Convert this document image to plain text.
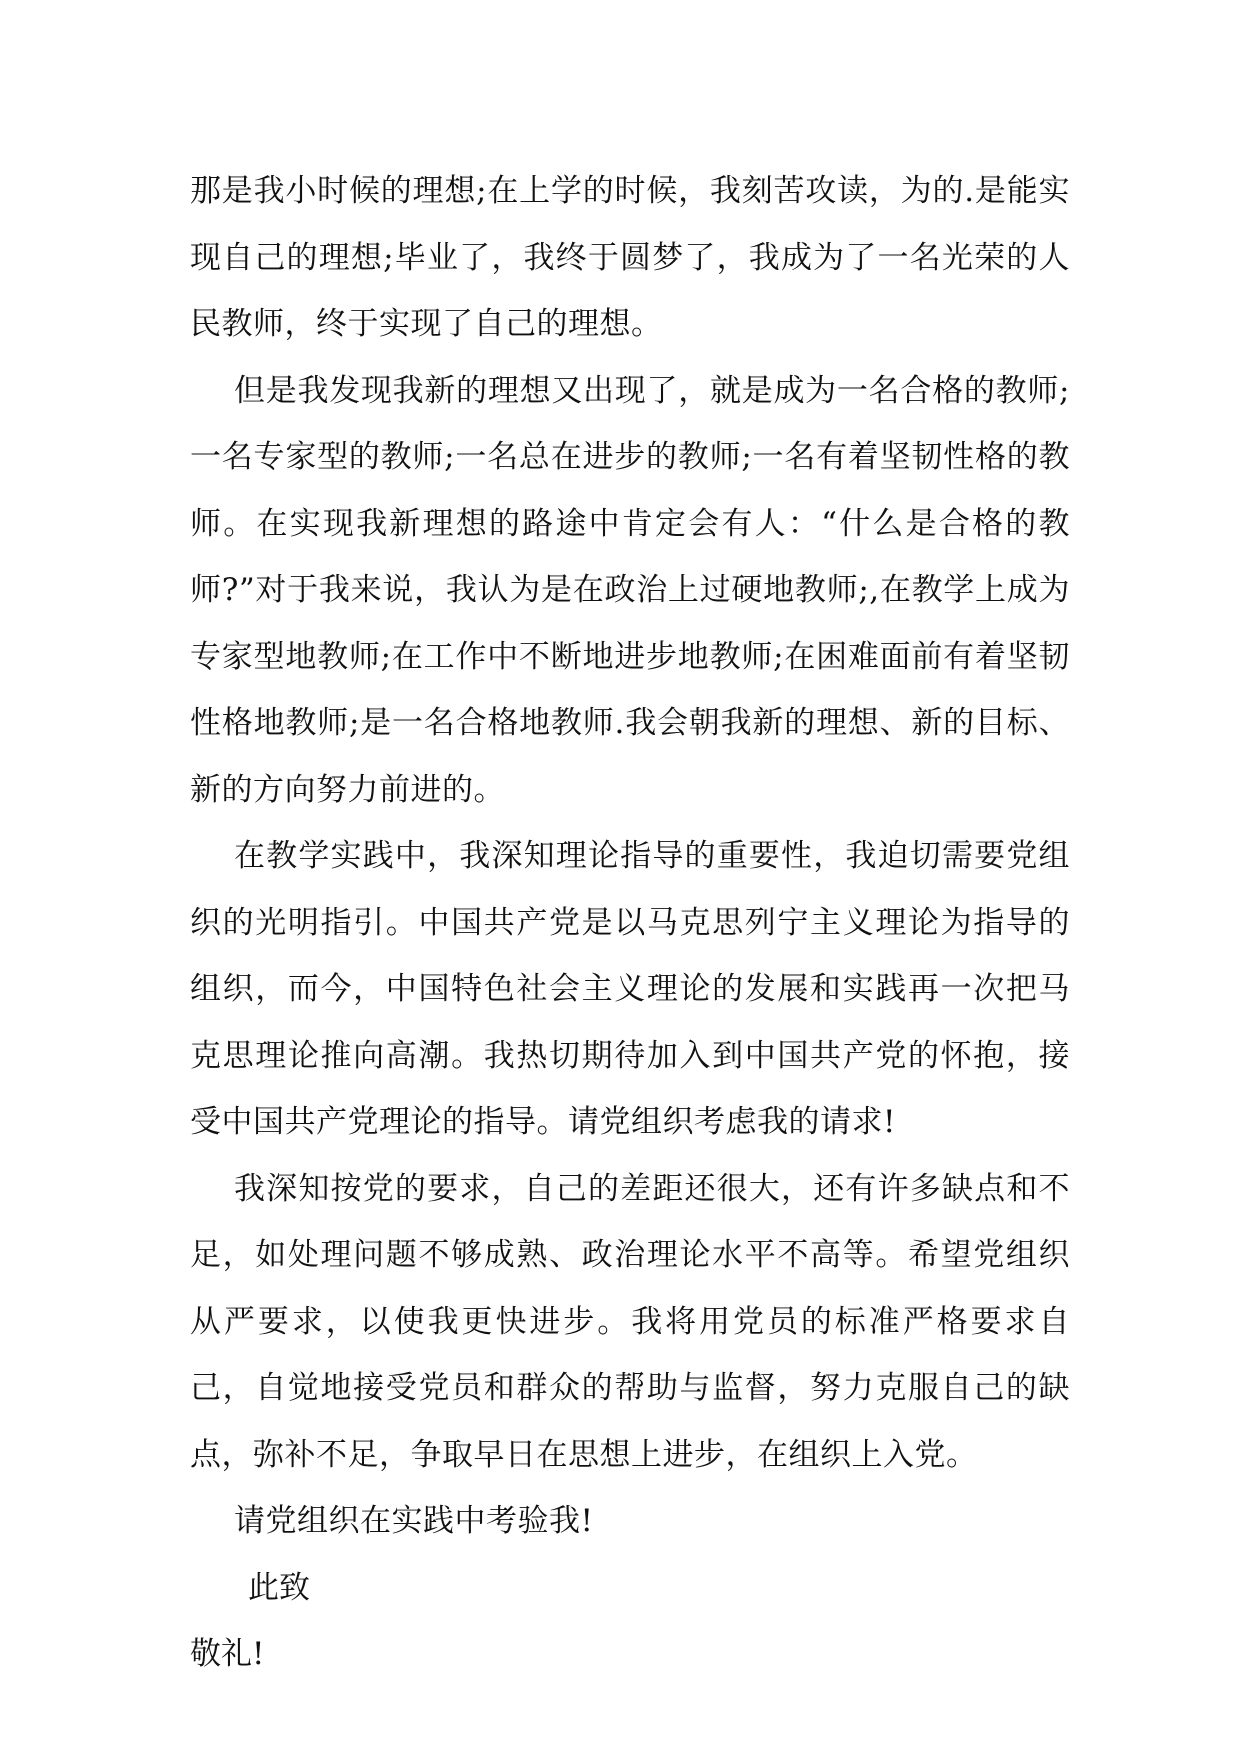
那是我小时候的理想;在上学的时候，我刻苦攻读，为的.是能实现自己的理想;毕业了，我终于圆梦了，我成为了一名光荣的人民教师，终于实现了自己的理想。

但是我发现我新的理想又出现了，就是成为一名合格的教师;一名专家型的教师;一名总在进步的教师;一名有着坚韧性格的教师。在实现我新理想的路途中肯定会有人：“什么是合格的教师?”对于我来说，我认为是在政治上过硬地教师;,在教学上成为专家型地教师;在工作中不断地进步地教师;在困难面前有着坚韧性格地教师;是一名合格地教师.我会朝我新的理想、新的目标、新的方向努力前进的。

在教学实践中，我深知理论指导的重要性，我迫切需要党组织的光明指引。中国共产党是以马克思列宁主义理论为指导的组织，而今，中国特色社会主义理论的发展和实践再一次把马克思理论推向高潮。我热切期待加入到中国共产党的怀抱，接受中国共产党理论的指导。请党组织考虑我的请求!

我深知按党的要求，自己的差距还很大，还有许多缺点和不足，如处理问题不够成熟、政治理论水平不高等。希望党组织从严要求，以使我更快进步。我将用党员的标准严格要求自己，自觉地接受党员和群众的帮助与监督，努力克服自己的缺点，弥补不足，争取早日在思想上进步，在组织上入党。

请党组织在实践中考验我!

此致

敬礼!
